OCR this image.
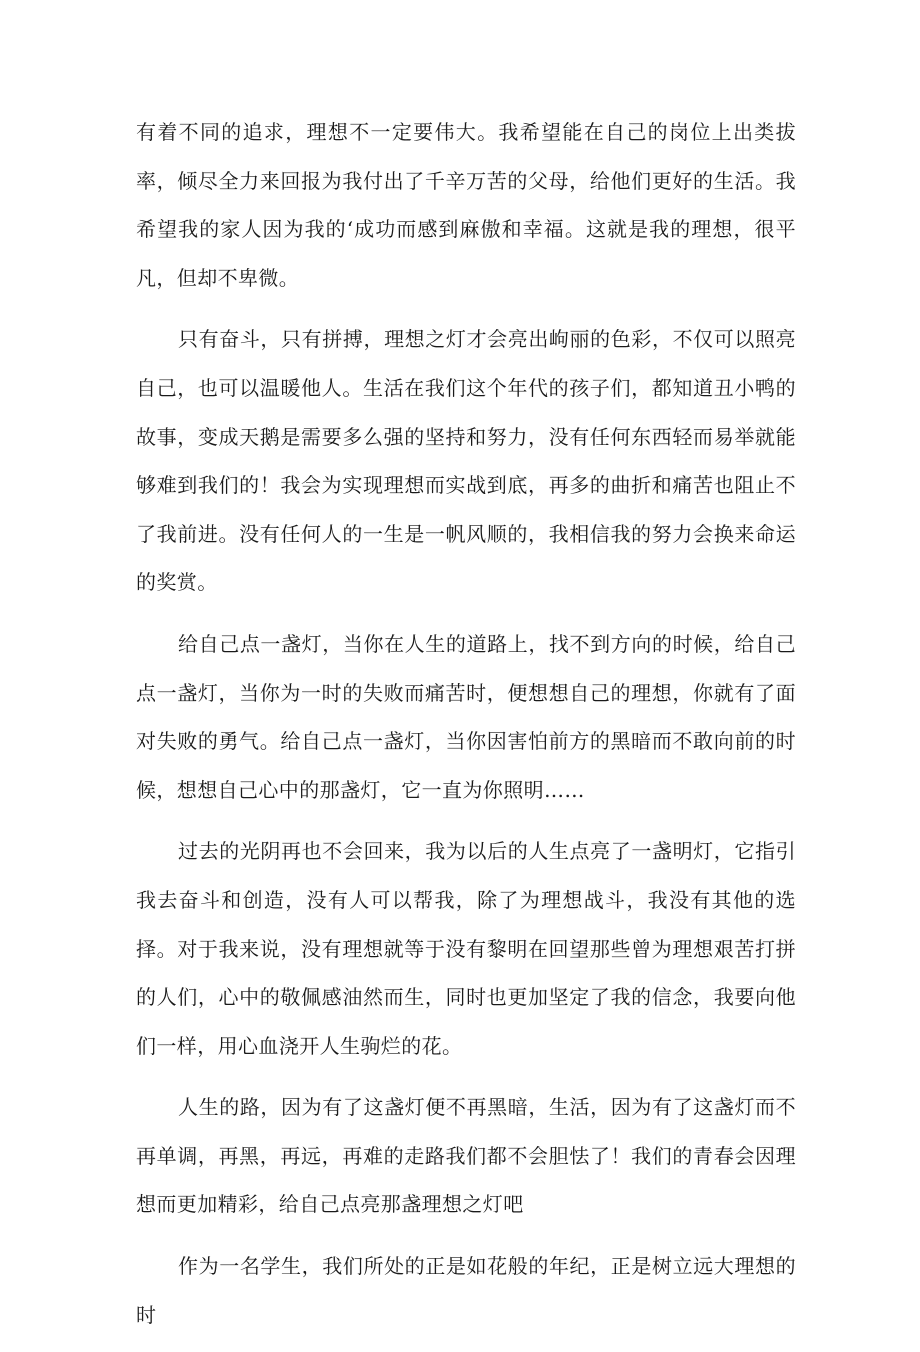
有着不同的追求，理想不一定要伟大。我希望能在自己的岗位上出类拔率，倾尽全力来回报为我付出了千辛万苦的父母，给他们更好的生活。我希望我的家人因为我的‘成功而感到麻傲和幸福。这就是我的理想，很平凡，但却不卑微。

只有奋斗，只有拼搏，理想之灯才会亮出岣丽的色彩，不仅可以照亮自己，也可以温暖他人。生活在我们这个年代的孩子们，都知道丑小鸭的故事，变成天鹅是需要多么强的坚持和努力，没有任何东西轻而易举就能够难到我们的！我会为实现理想而实战到底，再多的曲折和痛苦也阻止不了我前进。没有任何人的一生是一帆风顺的，我相信我的努力会换来命运的奖赏。

给自己点一盏灯，当你在人生的道路上，找不到方向的时候，给自己点一盏灯，当你为一时的失败而痛苦时，便想想自己的理想，你就有了面对失败的勇气。给自己点一盏灯，当你因害怕前方的黑暗而不敢向前的时候，想想自己心中的那盏灯，它一直为你照明……

过去的光阴再也不会回来，我为以后的人生点亮了一盏明灯，它指引我去奋斗和创造，没有人可以帮我，除了为理想战斗，我没有其他的选择。对于我来说，没有理想就等于没有黎明在回望那些曾为理想艰苦打拼的人们，心中的敬佩感油然而生，同时也更加坚定了我的信念，我要向他们一样，用心血浇开人生驹烂的花。

人生的路，因为有了这盏灯便不再黑暗，生活，因为有了这盏灯而不再单调，再黑，再远，再难的走路我们都不会胆怯了！我们的青春会因理想而更加精彩，给自己点亮那盏理想之灯吧

作为一名学生，我们所处的正是如花般的年纪，正是树立远大理想的时
